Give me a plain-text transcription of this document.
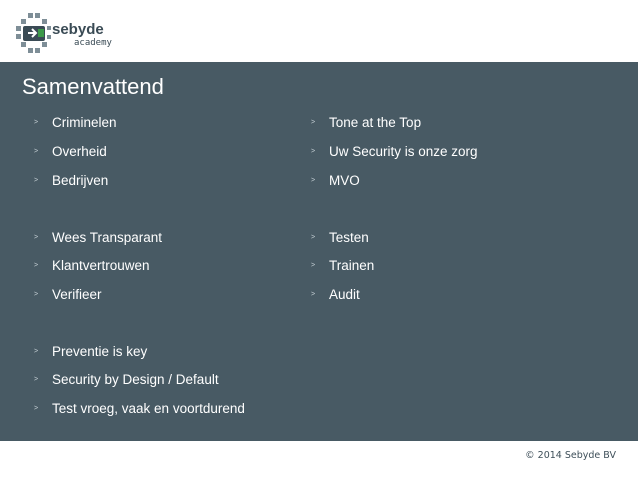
sebyde
academy
Samenvattend
> Criminelen
> Overheid
> Bedrijven
> Wees Transparant
> Klantvertrouwen
> Verifieer
> Preventie is key
> Security by Design / Default
> Test vroeg, vaak en voortdurend
> Tone at the Top
> Uw Security is onze zorg
> MVO
> Testen
> Trainen
> Audit
© 2014 Sebyde BV
